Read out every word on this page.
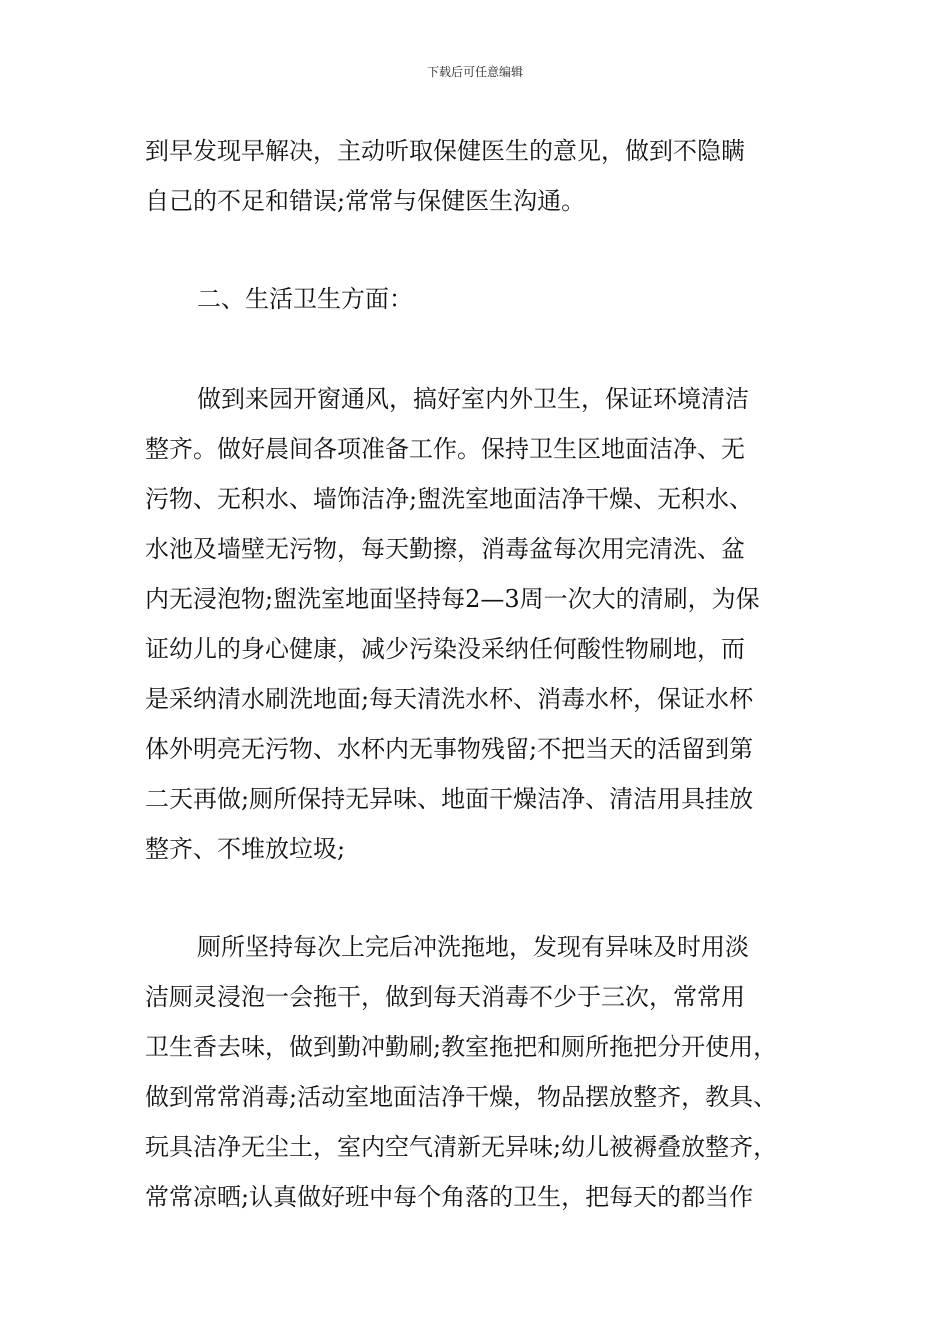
下载后可任意编辑
到早发现早解决，主动听取保健医生的意见，做到不隐瞒
自己的不足和错误;常常与保健医生沟通。
二、生活卫生方面：
做到来园开窗通风，搞好室内外卫生，保证环境清洁
整齐。做好晨间各项准备工作。保持卫生区地面洁净、无
污物、无积水、墙饰洁净;盥洗室地面洁净干燥、无积水、
水池及墙壁无污物，每天勤擦，消毒盆每次用完清洗、盆
内无浸泡物;盥洗室地面坚持每2—3周一次大的清刷，为保
证幼儿的身心健康，减少污染没采纳任何酸性物刷地，而
是采纳清水刷洗地面;每天清洗水杯、消毒水杯，保证水杯
体外明亮无污物、水杯内无事物残留;不把当天的活留到第
二天再做;厕所保持无异味、地面干燥洁净、清洁用具挂放
整齐、不堆放垃圾;
厕所坚持每次上完后冲洗拖地，发现有异味及时用淡
洁厕灵浸泡一会拖干，做到每天消毒不少于三次，常常用
卫生香去味，做到勤冲勤刷;教室拖把和厕所拖把分开使用，
做到常常消毒;活动室地面洁净干燥，物品摆放整齐，教具、
玩具洁净无尘土，室内空气清新无异味;幼儿被褥叠放整齐，
常常凉晒;认真做好班中每个角落的卫生，把每天的都当作
